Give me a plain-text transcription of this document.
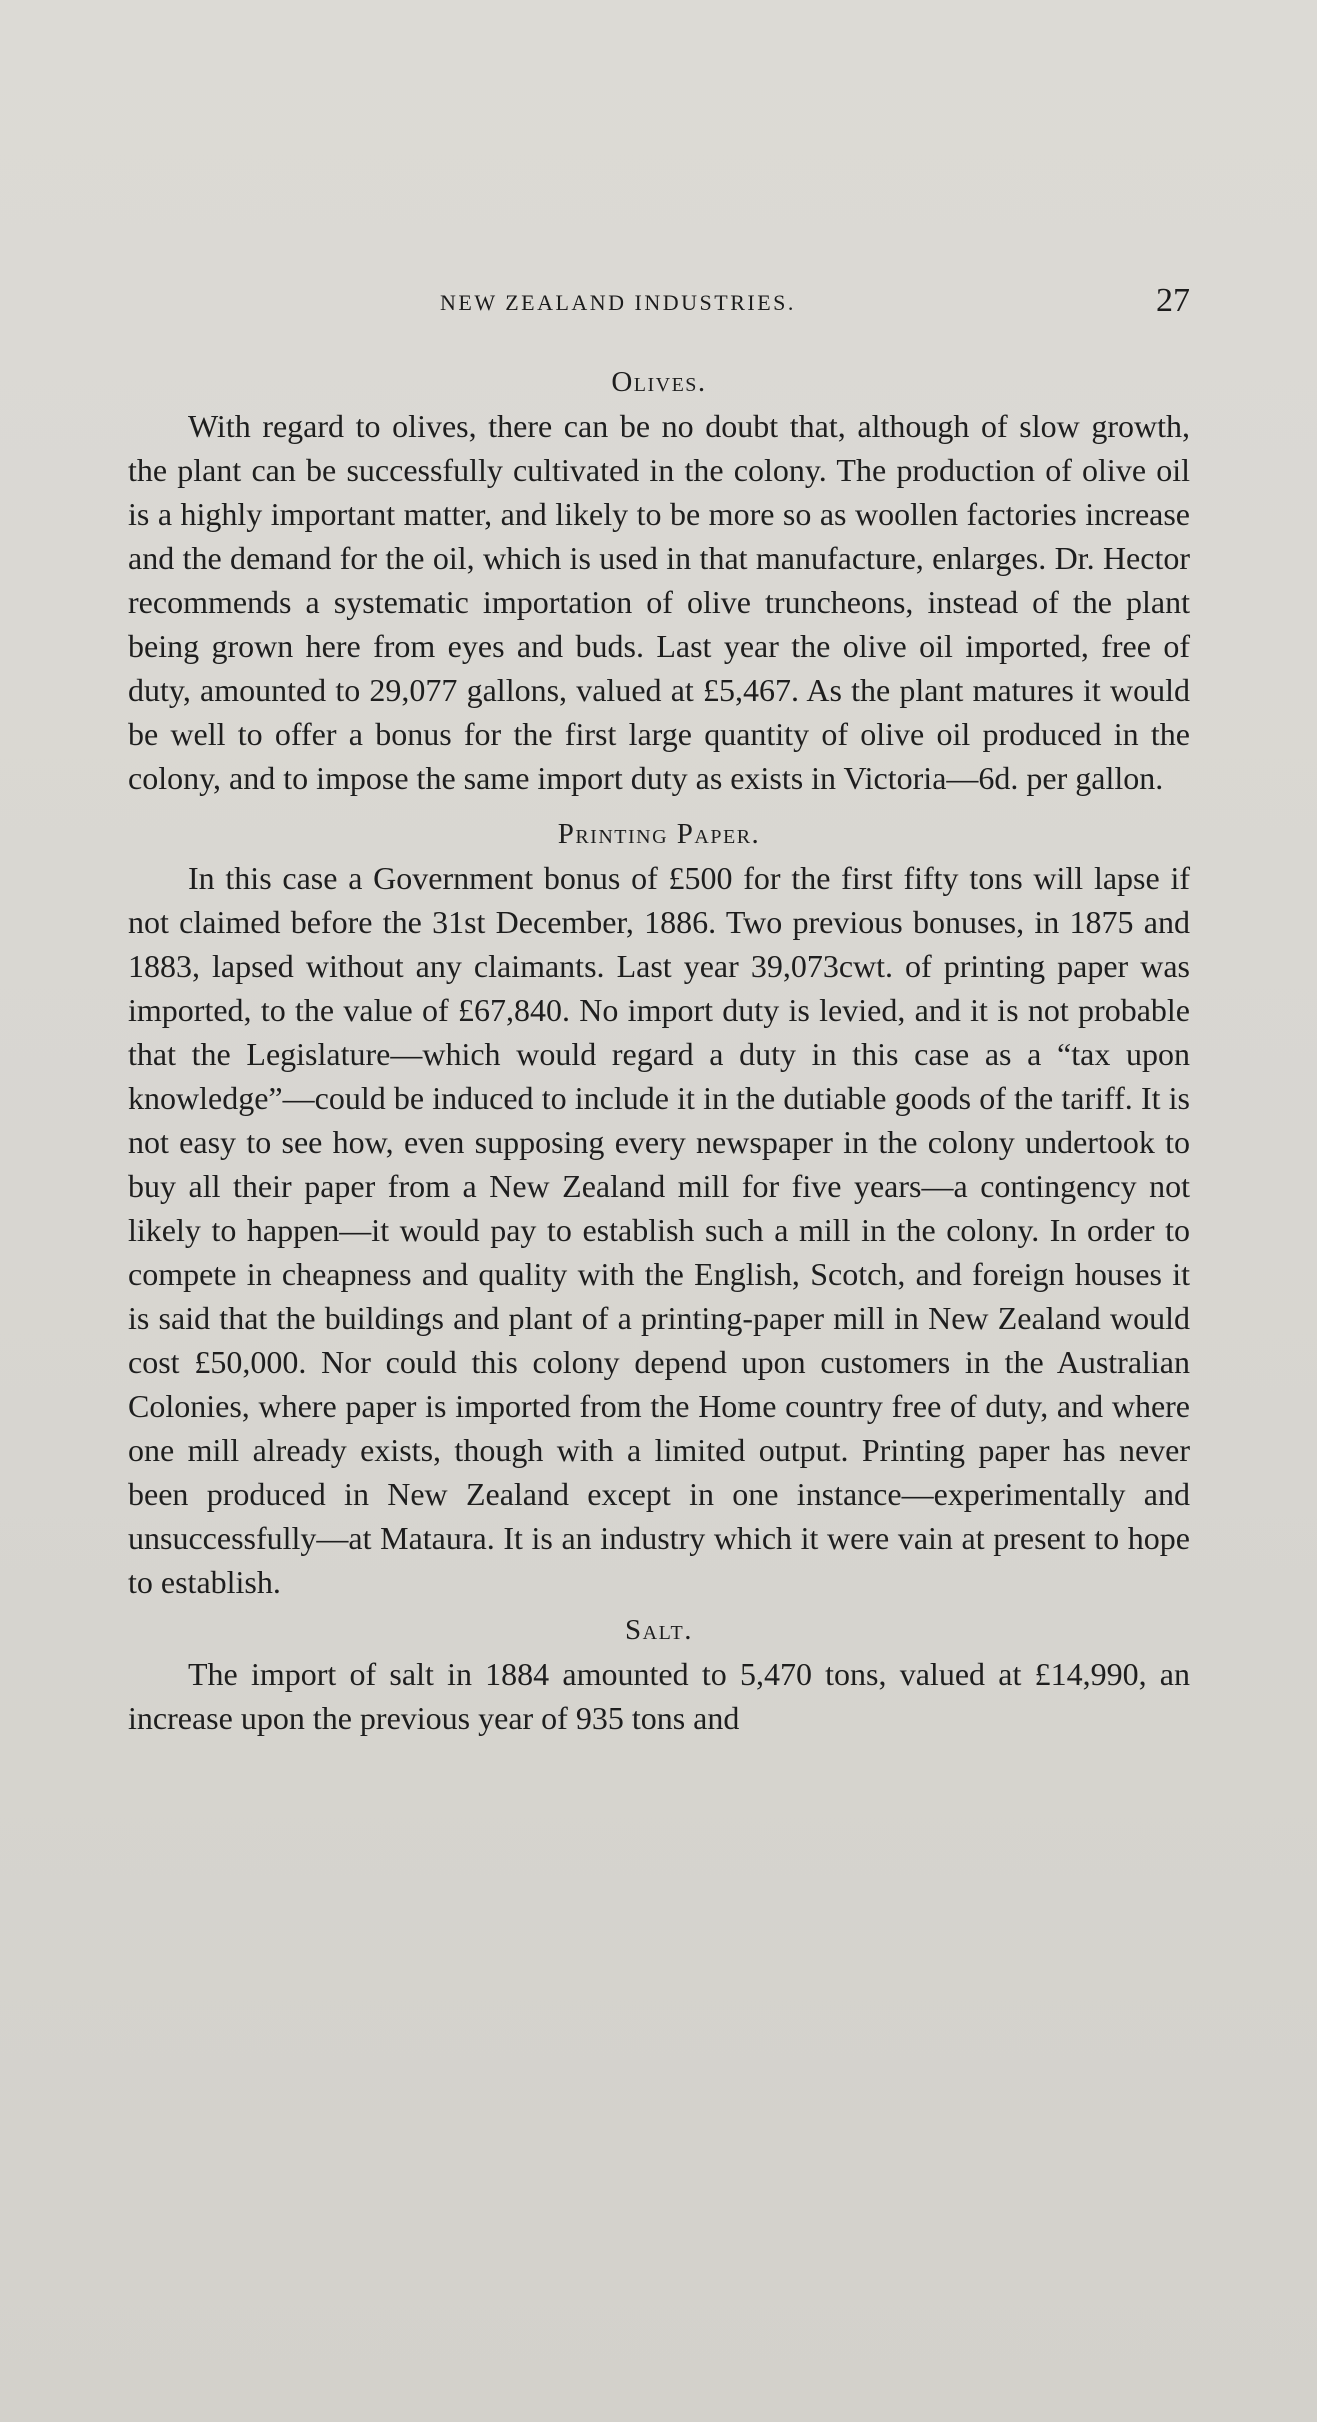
NEW ZEALAND INDUSTRIES.	27
Olives.

With regard to olives, there can be no doubt that, although of slow growth, the plant can be successfully cultivated in the colony. The production of olive oil is a highly important matter, and likely to be more so as woollen factories increase and the demand for the oil, which is used in that manufacture, enlarges. Dr. Hector recommends a systematic importation of olive truncheons, instead of the plant being grown here from eyes and buds. Last year the olive oil imported, free of duty, amounted to 29,077 gallons, valued at £5,467. As the plant matures it would be well to offer a bonus for the first large quantity of olive oil produced in the colony, and to impose the same import duty as exists in Victoria—6d. per gallon.

Printing Paper.

In this case a Government bonus of £500 for the first fifty tons will lapse if not claimed before the 31st December, 1886. Two previous bonuses, in 1875 and 1883, lapsed without any claimants. Last year 39,073cwt. of printing paper was imported, to the value of £67,840. No import duty is levied, and it is not probable that the Legislature—which would regard a duty in this case as a “tax upon knowledge”—could be induced to include it in the dutiable goods of the tariff. It is not easy to see how, even supposing every newspaper in the colony undertook to buy all their paper from a New Zealand mill for five years—a contingency not likely to happen—it would pay to establish such a mill in the colony. In order to compete in cheapness and quality with the English, Scotch, and foreign houses it is said that the buildings and plant of a printing-paper mill in New Zealand would cost £50,000. Nor could this colony depend upon customers in the Australian Colonies, where paper is imported from the Home country free of duty, and where one mill already exists, though with a limited output. Printing paper has never been produced in New Zealand except in one instance—experimentally and unsuccessfully—at Mataura. It is an industry which it were vain at present to hope to establish.

Salt.

The import of salt in 1884 amounted to 5,470 tons, valued at £14,990, an increase upon the previous year of 935 tons and
